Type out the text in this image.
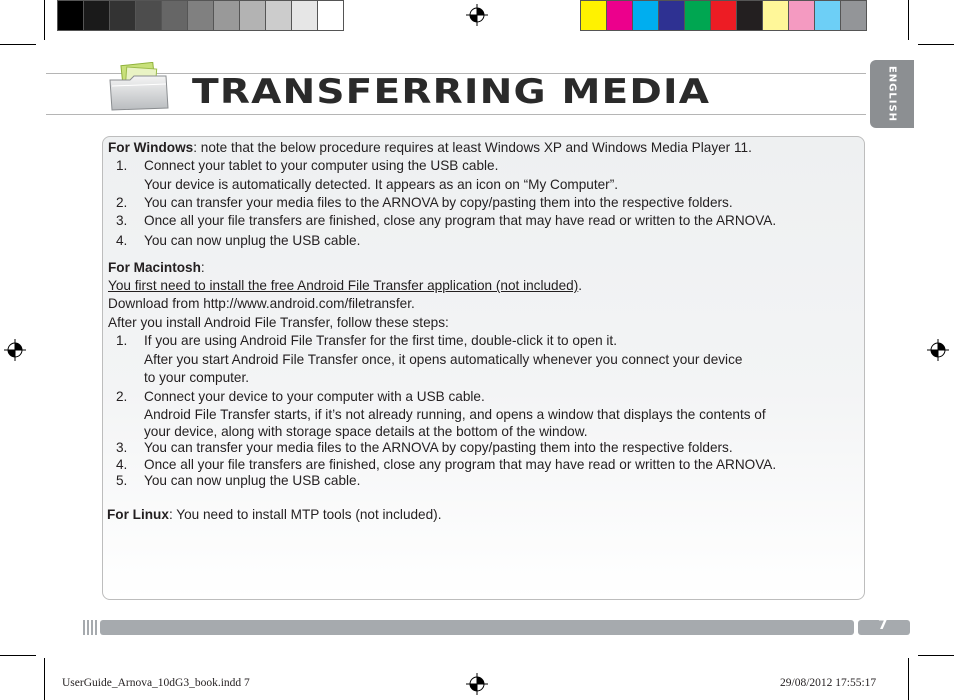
TRANSFERRING MEDIA	ENGLISH
For Windows: note that the below procedure requires at least Windows XP and Windows Media Player 11.
1. Connect your tablet to your computer using the USB cable.
Your device is automatically detected. It appears as an icon on “My Computer”.
2. You can transfer your media files to the ARNOVA by copy/pasting them into the respective folders.
3. Once all your file transfers are finished, close any program that may have read or written to the ARNOVA.
4. You can now unplug the USB cable.
For Macintosh:
You first need to install the free Android File Transfer application (not included).
Download from http://www.android.com/filetransfer.
After you install Android File Transfer, follow these steps:
1. If you are using Android File Transfer for the first time, double-click it to open it.
After you start Android File Transfer once, it opens automatically whenever you connect your device
to your computer.
2. Connect your device to your computer with a USB cable.
Android File Transfer starts, if it’s not already running, and opens a window that displays the contents of
your device, along with storage space details at the bottom of the window.
3. You can transfer your media files to the ARNOVA by copy/pasting them into the respective folders.
4. Once all your file transfers are finished, close any program that may have read or written to the ARNOVA.
5. You can now unplug the USB cable.
For Linux: You need to install MTP tools (not included).
7
UserGuide_Arnova_10dG3_book.indd 7	29/08/2012 17:55:17
